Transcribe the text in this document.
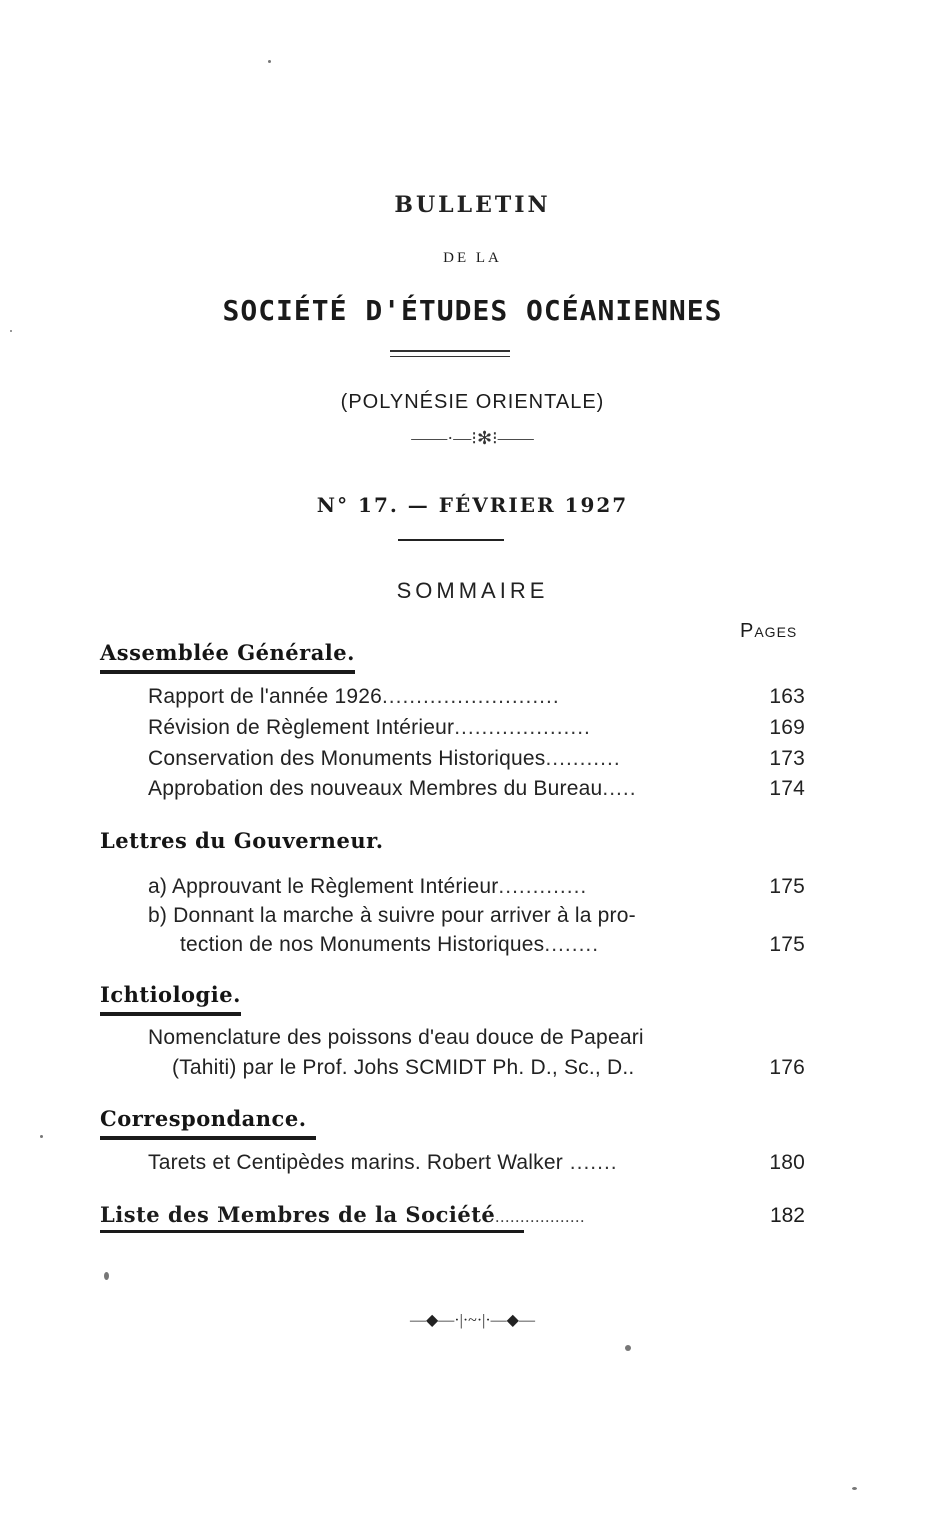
BULLETIN
DE LA
SOCIÉTÉ D'ÉTUDES OCÉANIENNES
(POLYNÉSIE ORIENTALE)
——·—⁝✻⁝——
N° 17. — FÉVRIER 1927
SOMMAIRE
Pages
Assemblée Générale.
Rapport de l'année 1926..........................	163
Révision de Règlement Intérieur....................	169
Conservation des Monuments Historiques...........	173
Approbation des nouveaux Membres du Bureau.....	174
Lettres du Gouverneur.
a) Approuvant le Règlement Intérieur.............	175
b) Donnant la marche à suivre pour arriver à la pro-
tection de nos Monuments Historiques........	175
Ichtiologie.
Nomenclature des poissons d'eau douce de Papeari
(Tahiti) par le Prof. Johs SCMIDT Ph. D., Sc., D..	176
Correspondance.
Tarets et Centipèdes marins. Robert Walker .......	180
Liste des Membres de la Société..................	182
—◆—·|·~·|·—◆—
